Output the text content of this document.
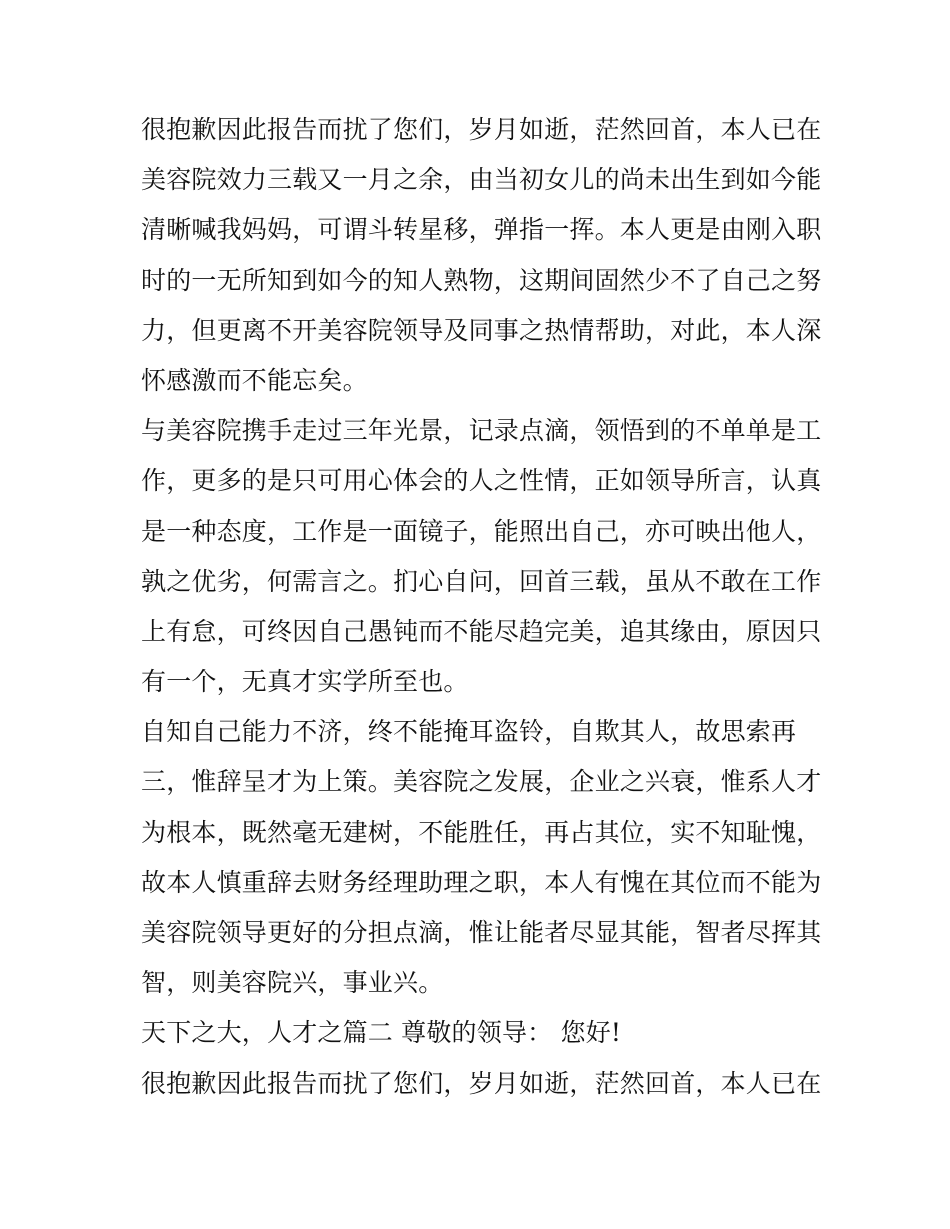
很抱歉因此报告而扰了您们，岁月如逝，茫然回首，本人已在
美容院效力三载又一月之余，由当初女儿的尚未出生到如今能
清晰喊我妈妈，可谓斗转星移，弹指一挥。本人更是由刚入职
时的一无所知到如今的知人熟物，这期间固然少不了自己之努
力，但更离不开美容院领导及同事之热情帮助，对此，本人深
怀感激而不能忘矣。
与美容院携手走过三年光景，记录点滴，领悟到的不单单是工
作，更多的是只可用心体会的人之性情，正如领导所言，认真
是一种态度，工作是一面镜子，能照出自己，亦可映出他人，
孰之优劣，何需言之。扪心自问，回首三载，虽从不敢在工作
上有怠，可终因自己愚钝而不能尽趋完美，追其缘由，原因只
有一个，无真才实学所至也。
自知自己能力不济，终不能掩耳盗铃，自欺其人，故思索再
三，惟辞呈才为上策。美容院之发展，企业之兴衰，惟系人才
为根本，既然毫无建树，不能胜任，再占其位，实不知耻愧，
故本人慎重辞去财务经理助理之职，本人有愧在其位而不能为
美容院领导更好的分担点滴，惟让能者尽显其能，智者尽挥其
智，则美容院兴，事业兴。
天下之大，人才之篇二 尊敬的领导： 您好!
很抱歉因此报告而扰了您们，岁月如逝，茫然回首，本人已在
